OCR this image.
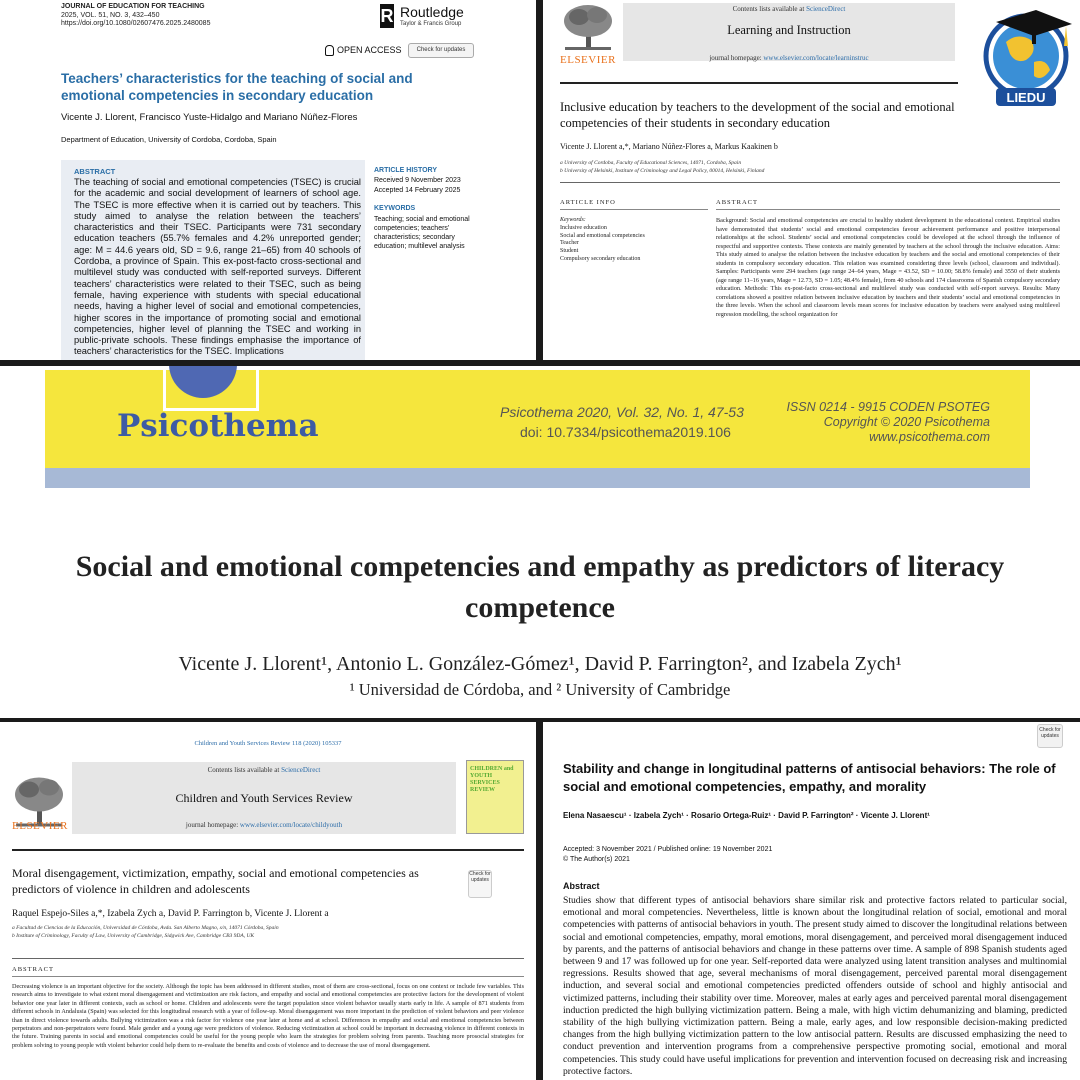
JOURNAL OF EDUCATION FOR TEACHING
2025, VOL. 51, NO. 3, 432–450
https://doi.org/10.1080/02607476.2025.2480085	R Routledge
Taylor & Francis Group
OPEN ACCESS	Check for updates
Teachers’ characteristics for the teaching of social and emotional competencies in secondary education
Vicente J. Llorent, Francisco Yuste-Hidalgo and Mariano Núñez-Flores
Department of Education, University of Cordoba, Cordoba, Spain
ABSTRACT
The teaching of social and emotional competencies (TSEC) is crucial for the academic and social development of learners of school age. The TSEC is more effective when it is carried out by teachers. This study aimed to analyse the relation between the teachers’ characteristics and their TSEC. Participants were 731 secondary education teachers (55.7% females and 4.2% unreported gender; age: M = 44.6 years old, SD = 9.6, range 21–65) from 40 schools of Cordoba, a province of Spain. This ex-post-facto cross-sectional and multilevel study was conducted with self-reported surveys. Different teachers’ characteristics were related to their TSEC, such as being female, having experience with students with special educational needs, having a higher level of social and emotional competencies, higher scores in the importance of promoting social and emotional competencies, higher level of planning the TSEC and working in public-private schools. These findings emphasise the importance of teachers’ characteristics for the TSEC. Implications
ARTICLE HISTORY
Received 9 November 2023
Accepted 14 February 2025
KEYWORDS
Teaching; social and emotional competencies; teachers’ characteristics; secondary education; multilevel analysis
ELSEVIER
Contents lists available at ScienceDirect
Learning and Instruction
journal homepage: www.elsevier.com/locate/learninstruc
LIEDU
Inclusive education by teachers to the development of the social and emotional competencies of their students in secondary education
Vicente J. Llorent a,*, Mariano Núñez-Flores a, Markus Kaakinen b
a University of Cordoba, Faculty of Educational Sciences, 14071, Cordoba, Spain
b University of Helsinki, Institute of Criminology and Legal Policy, 00014, Helsinki, Finland
ARTICLE INFO	ABSTRACT
Keywords:
Inclusive education
Social and emotional competencies
Teacher
Student
Compulsory secondary education
Background: Social and emotional competencies are crucial to healthy student development in the educational context. Empirical studies have demonstrated that students’ social and emotional competencies favour achievement performance and positive interpersonal relationships at the school. Students’ social and emotional competencies could be developed at the school through the influence of respectful and supportive contexts. These contexts are mainly generated by teachers at the school through the inclusive education. Aims: This study aimed to analyse the relation between the inclusive education by teachers and the social and emotional competencies of their students in compulsory secondary education. This relation was examined considering three levels (school, classroom and individual). Samples: Participants were 294 teachers (age range 24–64 years, Mage = 43.52, SD = 10.00; 58.8% female) and 3550 of their students (age range 11–16 years, Mage = 12.73, SD = 1.05; 48.4% female), from 40 schools and 174 classrooms of Spanish compulsory secondary education. Methods: This ex-post-facto cross-sectional and multilevel study was conducted with self-report surveys. Results: Many correlations showed a positive relation between inclusive education by teachers and their students’ social and emotional competencies in the three levels. When the school and classroom levels mean scores for inclusive education by teachers were analysed using multilevel regression modelling, the school organization for
Psicothema	Psicothema 2020, Vol. 32, No. 1, 47-53
doi: 10.7334/psicothema2019.106
ISSN 0214 - 9915 CODEN PSOTEG
Copyright © 2020 Psicothema
www.psicothema.com
Social and emotional competencies and empathy as predictors of literacy competence
Vicente J. Llorent¹, Antonio L. González-Gómez¹, David P. Farrington², and Izabela Zych¹
¹ Universidad de Córdoba, and ² University of Cambridge
Children and Youth Services Review 118 (2020) 105337
ELSEVIER
Contents lists available at ScienceDirect
Children and Youth Services Review
journal homepage: www.elsevier.com/locate/childyouth
CHILDREN and YOUTH SERVICES REVIEW
Moral disengagement, victimization, empathy, social and emotional competencies as predictors of violence in children and adolescents
Check for updates
Raquel Espejo-Siles a,*, Izabela Zych a, David P. Farrington b, Vicente J. Llorent a
a Facultad de Ciencias de la Educación, Universidad de Córdoba, Avda. San Alberto Magno, s/n, 14071 Córdoba, Spain
b Institute of Criminology, Faculty of Law, University of Cambridge, Sidgwick Ave, Cambridge CB3 9DA, UK
ABSTRACT
Decreasing violence is an important objective for the society. Although the topic has been addressed in different studies, most of them are cross-sectional, focus on one context or include few variables. This research aims to investigate to what extent moral disengagement and victimization are risk factors, and empathy and social and emotional competencies are protective factors for the development of violent behavior one year later in different contexts, such as school or home. Children and adolescents were the target population since violent behavior usually starts early in life. A sample of 871 students from different schools in Andalusia (Spain) was selected for this longitudinal research with a year of follow-up. Moral disengagement was more important in the prediction of violent behaviors and peer violence than in direct violence towards adults. Bullying victimization was a risk factor for violence one year later at home and at school. Differences in empathy and social and emotional competencies between perpetrators and non-perpetrators were found. Male gender and a young age were predictors of violence. Reducing victimization at school could be important in decreasing violence in different contexts in the future. Training parents in social and emotional competencies could be useful for the young people who learn the strategies for problem solving from parents. Teaching more prosocial strategies for problem solving to young people with violent behavior could help them to re-evaluate the benefits and costs of violence and to decrease the use of moral disengagement.
Check for updates
Stability and change in longitudinal patterns of antisocial behaviors: The role of social and emotional competencies, empathy, and morality
Elena Nasaescu¹ · Izabela Zych¹ · Rosario Ortega-Ruiz¹ · David P. Farrington² · Vicente J. Llorent¹
Accepted: 3 November 2021 / Published online: 19 November 2021
© The Author(s) 2021
Abstract
Studies show that different types of antisocial behaviors share similar risk and protective factors related to particular social, emotional and moral competencies. Nevertheless, little is known about the longitudinal relation of social, emotional and moral competencies with patterns of antisocial behaviors in youth. The present study aimed to discover the longitudinal relations between social and emotional competencies, empathy, moral emotions, moral disengagement, and perceived moral disengagement induced by parents, and the patterns of antisocial behaviors and change in these patterns over time. A sample of 898 Spanish students aged between 9 and 17 was followed up for one year. Self-reported data were analyzed using latent transition analyses and multinomial regressions. Results showed that age, several mechanisms of moral disengagement, perceived parental moral disengagement induction, and several social and emotional competencies predicted offenders outside of school and highly antisocial and victimized patterns, including their stability over time. Moreover, males at early ages and perceived parental moral disengagement induction predicted the high bullying victimization pattern. Being a male, with high victim dehumanizing and blaming, predicted stability of the high bullying victimization pattern. Being a male, early ages, and low responsible decision-making predicted changes from the high bullying victimization pattern to the low antisocial pattern. Results are discussed emphasizing the need to conduct prevention and intervention programs from a comprehensive perspective promoting social, emotional and moral competencies. This study could have useful implications for prevention and intervention focused on decreasing risk and increasing protective factors.
